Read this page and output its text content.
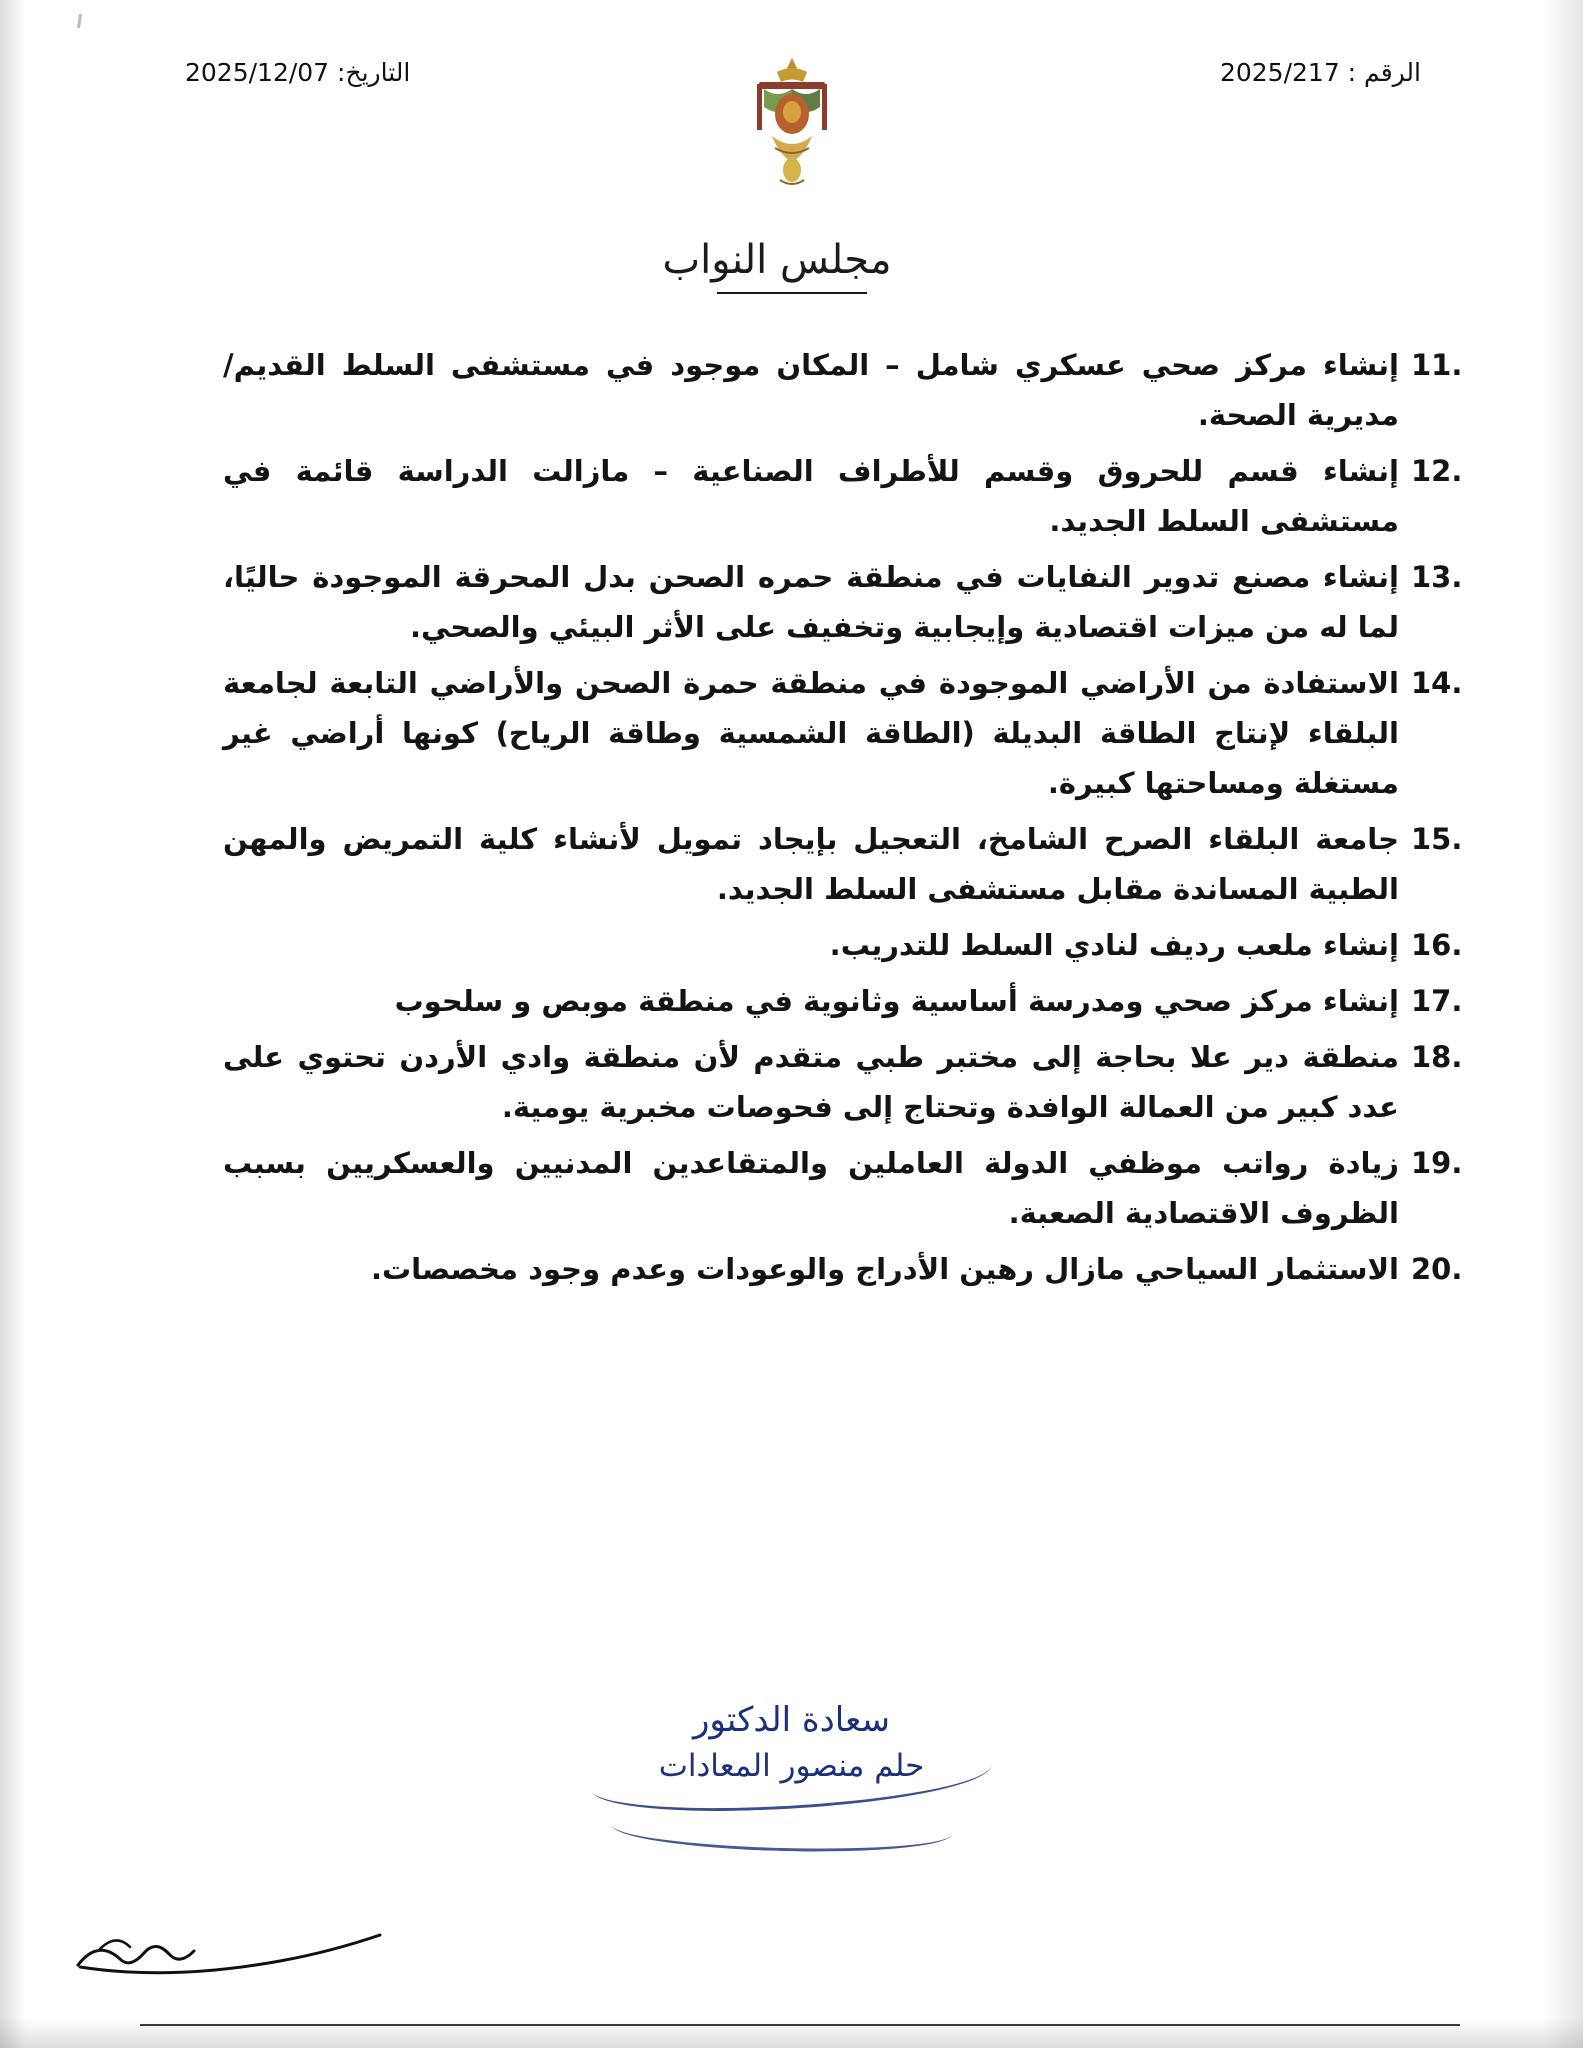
الرقم : 2025/217
التاريخ: 2025/12/07
مجلس النواب
.11
إنشاء مركز صحي عسكري شامل – المكان موجود في مستشفى السلط القديم/مديرية الصحة.
.12
إنشاء قسم للحروق وقسم للأطراف الصناعية – مازالت الدراسة قائمة في مستشفى السلط الجديد.
.13
إنشاء مصنع تدوير النفايات في منطقة حمره الصحن بدل المحرقة الموجودة حاليًا، لما له من ميزات اقتصادية وإيجابية وتخفيف على الأثر البيئي والصحي.
.14
الاستفادة من الأراضي الموجودة في منطقة حمرة الصحن والأراضي التابعة لجامعة البلقاء لإنتاج الطاقة البديلة (الطاقة الشمسية وطاقة الرياح) كونها أراضي غير مستغلة ومساحتها كبيرة.
.15
جامعة البلقاء الصرح الشامخ، التعجيل بإيجاد تمويل لأنشاء كلية التمريض والمهن الطبية المساندة مقابل مستشفى السلط الجديد.
.16
إنشاء ملعب رديف لنادي السلط للتدريب.
.17
إنشاء مركز صحي ومدرسة أساسية وثانوية في منطقة موبص و سلحوب
.18
منطقة دير علا بحاجة إلى مختبر طبي متقدم لأن منطقة وادي الأردن تحتوي على عدد كبير من العمالة الوافدة وتحتاج إلى فحوصات مخبرية يومية.
.19
زيادة رواتب موظفي الدولة العاملين والمتقاعدين المدنيين والعسكريين بسبب الظروف الاقتصادية الصعبة.
.20
الاستثمار السياحي مازال رهين الأدراج والوعودات وعدم وجود مخصصات.
سعادة الدكتور
حلم منصور المعادات
